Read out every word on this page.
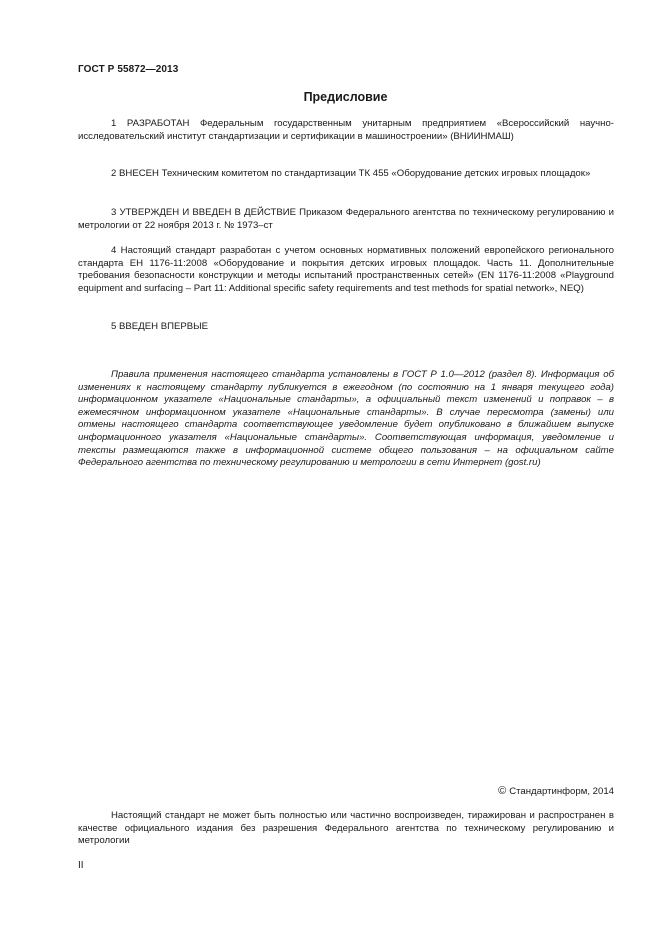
ГОСТ Р 55872—2013
Предисловие

1 РАЗРАБОТАН Федеральным государственным унитарным предприятием «Всероссийский научно-исследовательский институт стандартизации и сертификации в машиностроении» (ВНИИНМАШ)

2 ВНЕСЕН Техническим комитетом по стандартизации ТК 455 «Оборудование детских игровых площадок»

3 УТВЕРЖДЕН И ВВЕДЕН В ДЕЙСТВИЕ Приказом Федерального агентства по техническому регулированию и метрологии от 22 ноября 2013 г. № 1973–ст

4 Настоящий стандарт разработан с учетом основных нормативных положений европейского регионального стандарта ЕН 1176-11:2008 «Оборудование и покрытия детских игровых площадок. Часть 11. Дополнительные требования безопасности конструкции и методы испытаний пространственных сетей» (EN 1176-11:2008 «Playground equipment and surfacing – Part 11: Additional specific safety requirements and test methods for spatial network», NEQ)

5 ВВЕДЕН ВПЕРВЫЕ

Правила применения настоящего стандарта установлены в ГОСТ Р 1.0—2012 (раздел 8). Информация об изменениях к настоящему стандарту публикуется в ежегодном (по состоянию на 1 января текущего года) информационном указателе «Национальные стандарты», а официальный текст изменений и поправок – в ежемесячном информационном указателе «Национальные стандарты». В случае пересмотра (замены) или отмены настоящего стандарта соответствующее уведомление будет опубликовано в ближайшем выпуске информационного указателя «Национальные стандарты». Соответствующая информация, уведомление и тексты размещаются также в информационной системе общего пользования – на официальном сайте Федерального агентства по техническому регулированию и метрологии в сети Интернет (gost.ru)

© Стандартинформ, 2014

Настоящий стандарт не может быть полностью или частично воспроизведен, тиражирован и распространен в качестве официального издания без разрешения Федерального агентства по техническому регулированию и метрологии

II
